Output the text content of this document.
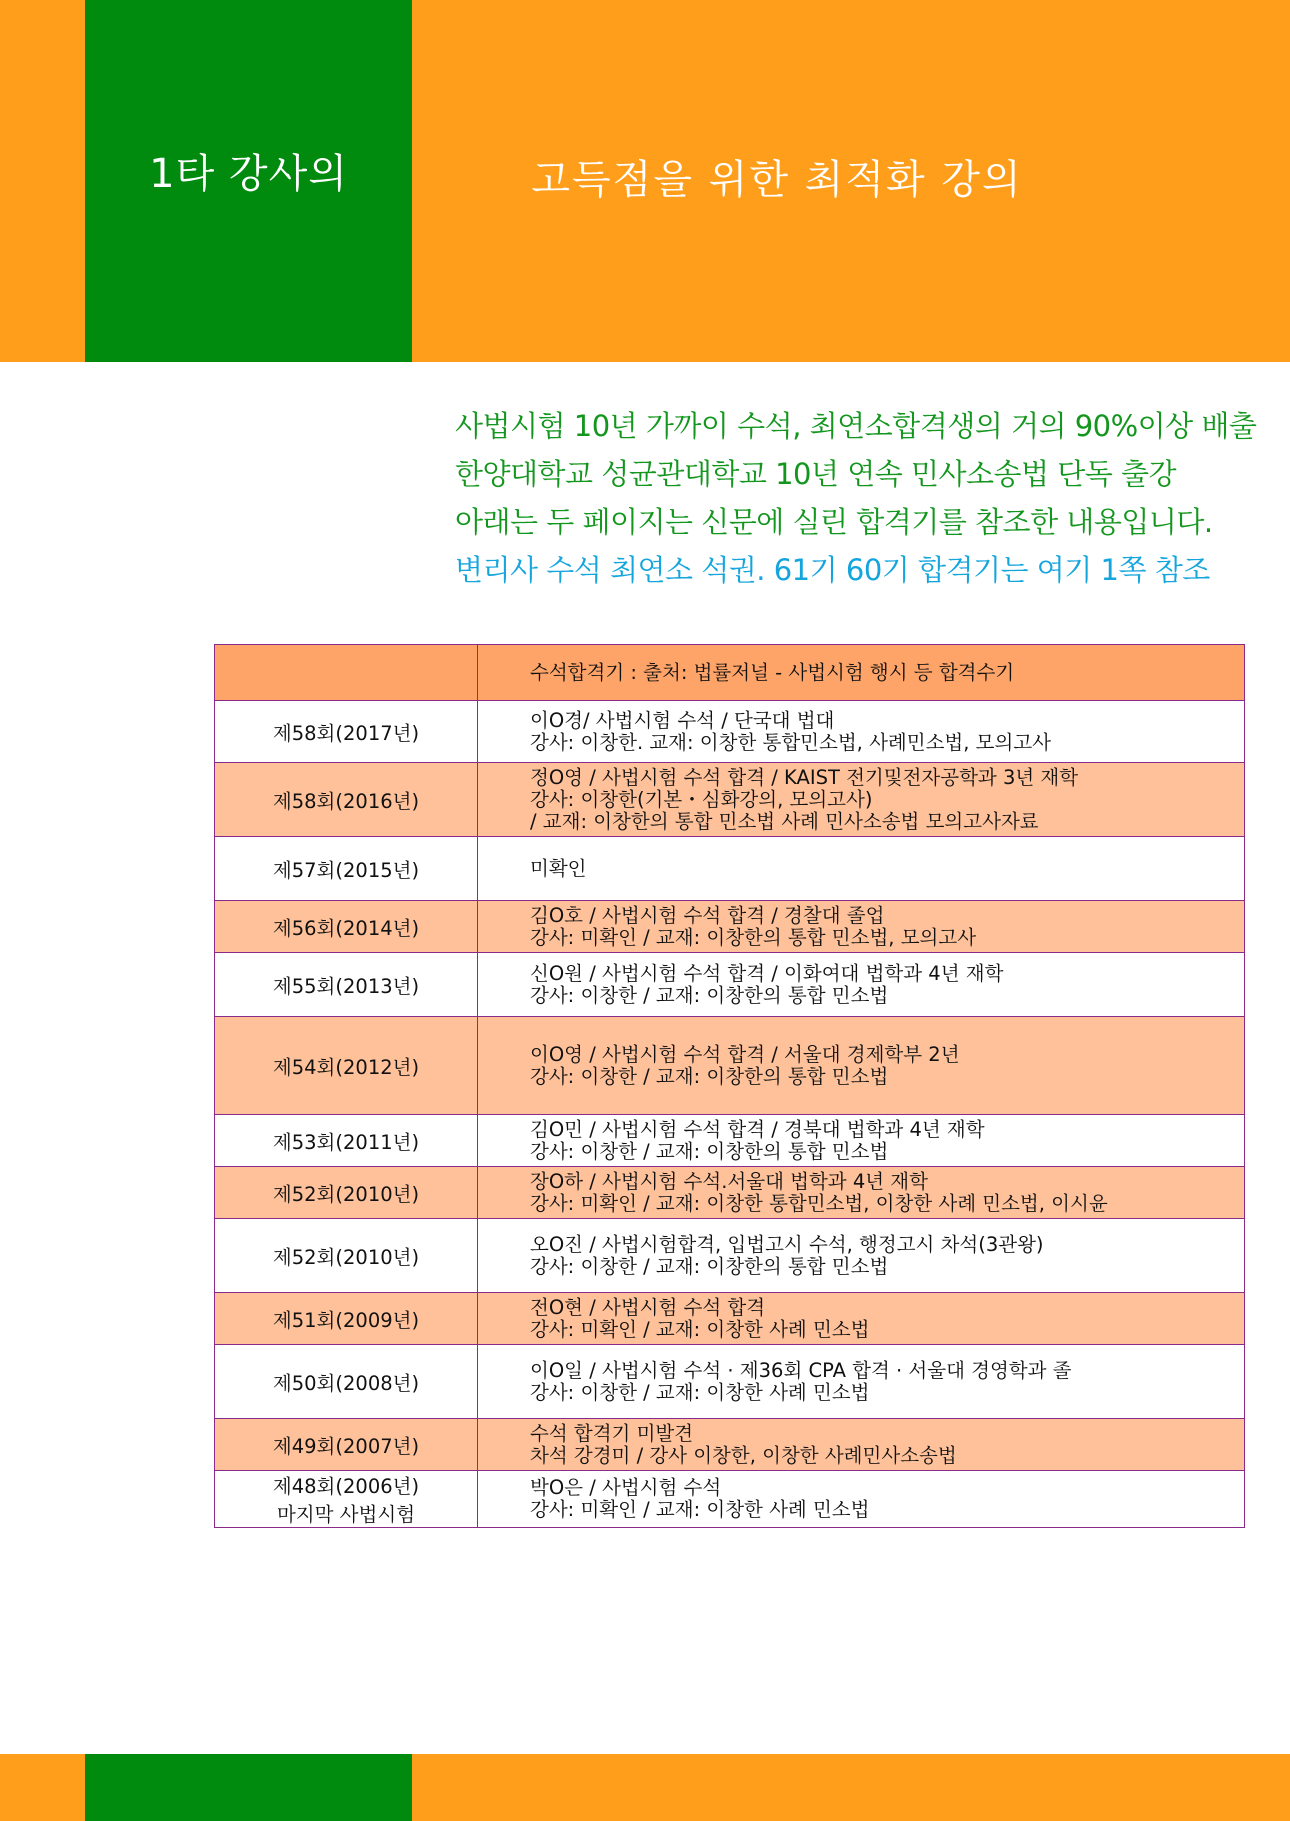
1타 강사의	고득점을 위한 최적화 강의
사법시험 10년 가까이 수석, 최연소합격생의 거의 90%이상 배출
한양대학교 성균관대학교 10년 연속 민사소송법 단독 출강
아래는 두 페이지는 신문에 실린 합격기를 참조한 내용입니다.
변리사 수석 최연소 석권. 61기 60기 합격기는 여기 1쪽 참조
	수석합격기 : 출처: 법률저널 - 사법시험 행시 등 합격수기

제58회(2017년)	이O경/ 사법시험 수석 / 단국대 법대
강사: 이창한. 교재: 이창한 통합민소법, 사례민소법, 모의고사

제58회(2016년)	정O영 / 사법시험 수석 합격 / KAIST 전기및전자공학과 3년 재학
강사: 이창한(기본・심화강의, 모의고사)
/ 교재: 이창한의 통합 민소법 사례 민사소송법 모의고사자료

제57회(2015년)	미확인

제56회(2014년)	김O호 / 사법시험 수석 합격 / 경찰대 졸업
강사: 미확인 / 교재: 이창한의 통합 민소법, 모의고사

제55회(2013년)	신O원 / 사법시험 수석 합격 / 이화여대 법학과 4년 재학
강사: 이창한 / 교재: 이창한의 통합 민소법

제54회(2012년)	이O영 / 사법시험 수석 합격 / 서울대 경제학부 2년
강사: 이창한 / 교재: 이창한의 통합 민소법

제53회(2011년)	김O민 / 사법시험 수석 합격 / 경북대 법학과 4년 재학
강사: 이창한 / 교재: 이창한의 통합 민소법

제52회(2010년)	장O하 / 사법시험 수석.서울대 법학과 4년 재학
강사: 미확인 / 교재: 이창한 통합민소법, 이창한 사례 민소법, 이시윤

제52회(2010년)	오O진 / 사법시험합격, 입법고시 수석, 행정고시 차석(3관왕)
강사: 이창한 / 교재: 이창한의 통합 민소법

제51회(2009년)	전O현 / 사법시험 수석 합격
강사: 미확인 / 교재: 이창한 사례 민소법

제50회(2008년)	이O일 / 사법시험 수석 · 제36회 CPA 합격 · 서울대 경영학과 졸
강사: 이창한 / 교재: 이창한 사례 민소법

제49회(2007년)	수석 합격기 미발견
차석 강경미 / 강사 이창한, 이창한 사례민사소송법

제48회(2006년)
마지막 사법시험	박O은 / 사법시험 수석
강사: 미확인 / 교재: 이창한 사례 민소법
